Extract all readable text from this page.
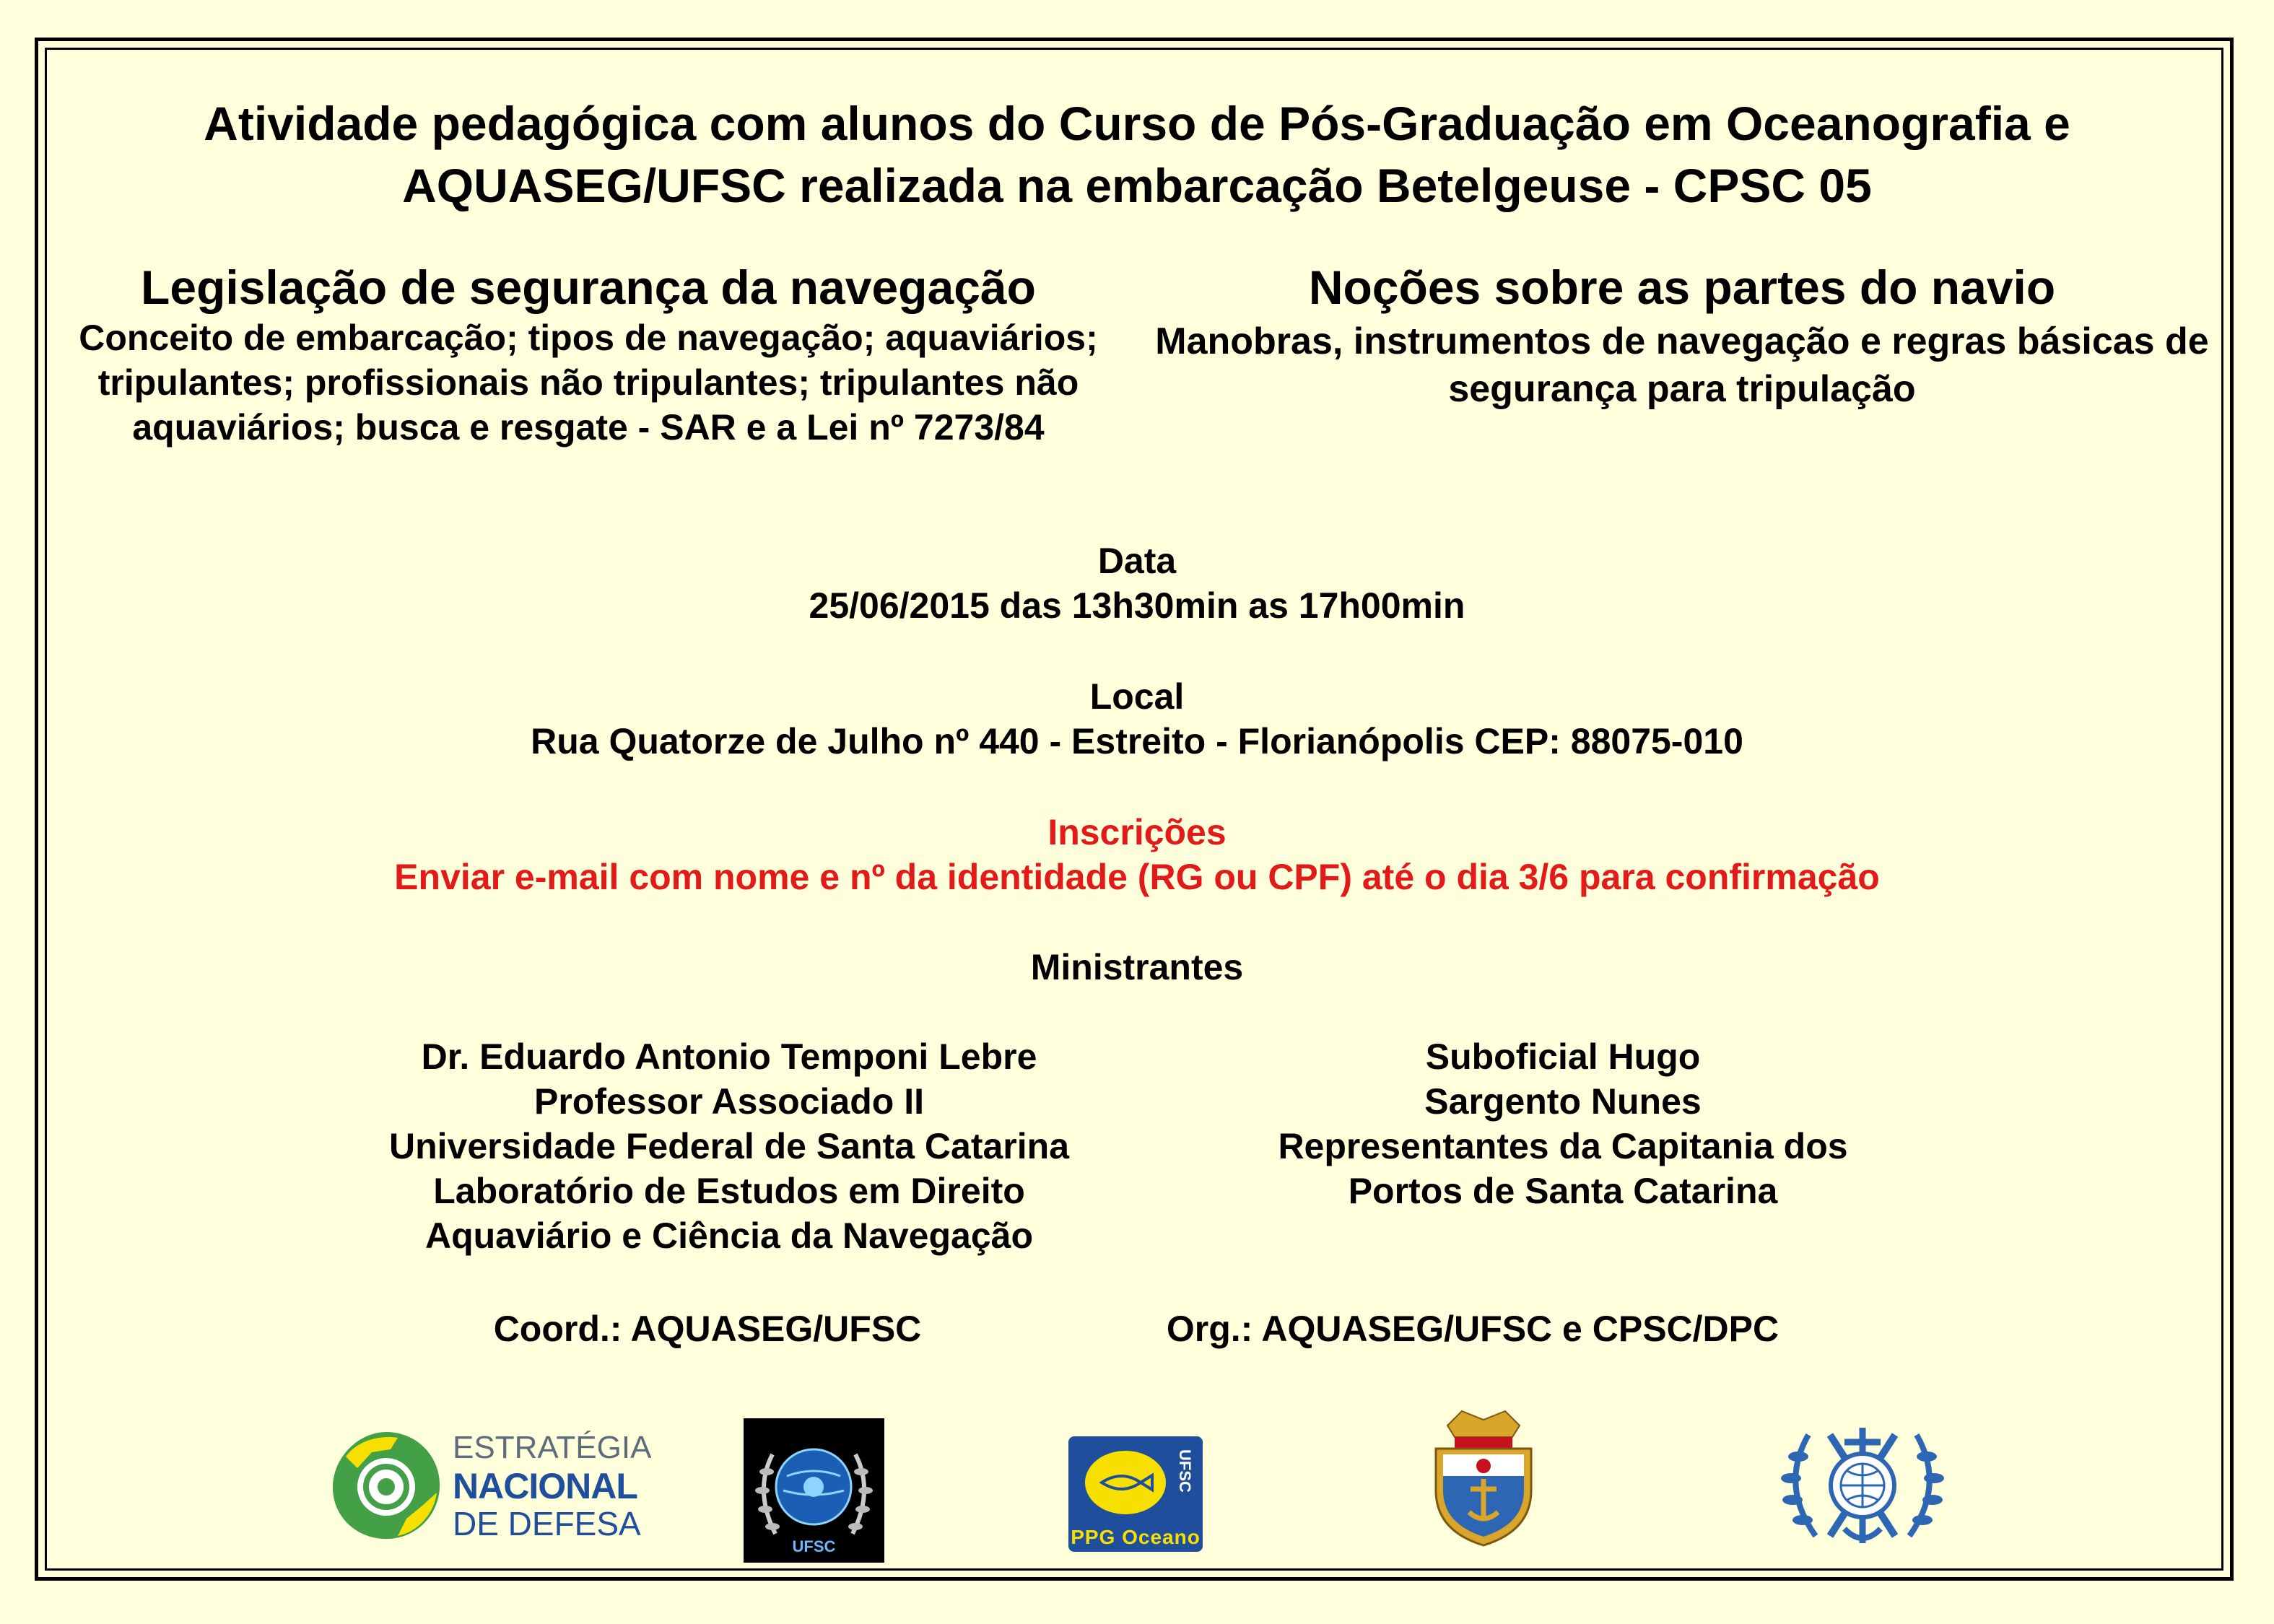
Atividade pedagógica com alunos do Curso de Pós-Graduação em Oceanografia e
AQUASEG/UFSC realizada na embarcação Betelgeuse - CPSC 05
Legislação de segurança da navegação
Conceito de embarcação; tipos de navegação; aquaviários; tripulantes; profissionais não tripulantes; tripulantes não aquaviários; busca e resgate - SAR e a Lei nº 7273/84
Noções sobre as partes do navio
Manobras, instrumentos de navegação e regras básicas de segurança para tripulação
Data
25/06/2015 das 13h30min as 17h00min
Local
Rua Quatorze de Julho nº 440 - Estreito - Florianópolis CEP: 88075-010
Inscrições
Enviar e-mail com nome e nº da identidade (RG ou CPF) até o dia 3/6 para confirmação
Ministrantes
Dr. Eduardo Antonio Temponi Lebre
Professor Associado II
Universidade Federal de Santa Catarina
Laboratório de Estudos em Direito
Aquaviário e Ciência da Navegação
Suboficial Hugo
Sargento Nunes
Representantes da Capitania dos
Portos de Santa Catarina
Coord.: AQUASEG/UFSC	Org.: AQUASEG/UFSC e CPSC/DPC
ESTRATÉGIA
NACIONAL
DE DEFESA
UFSC
UFSC
PPG Oceano
